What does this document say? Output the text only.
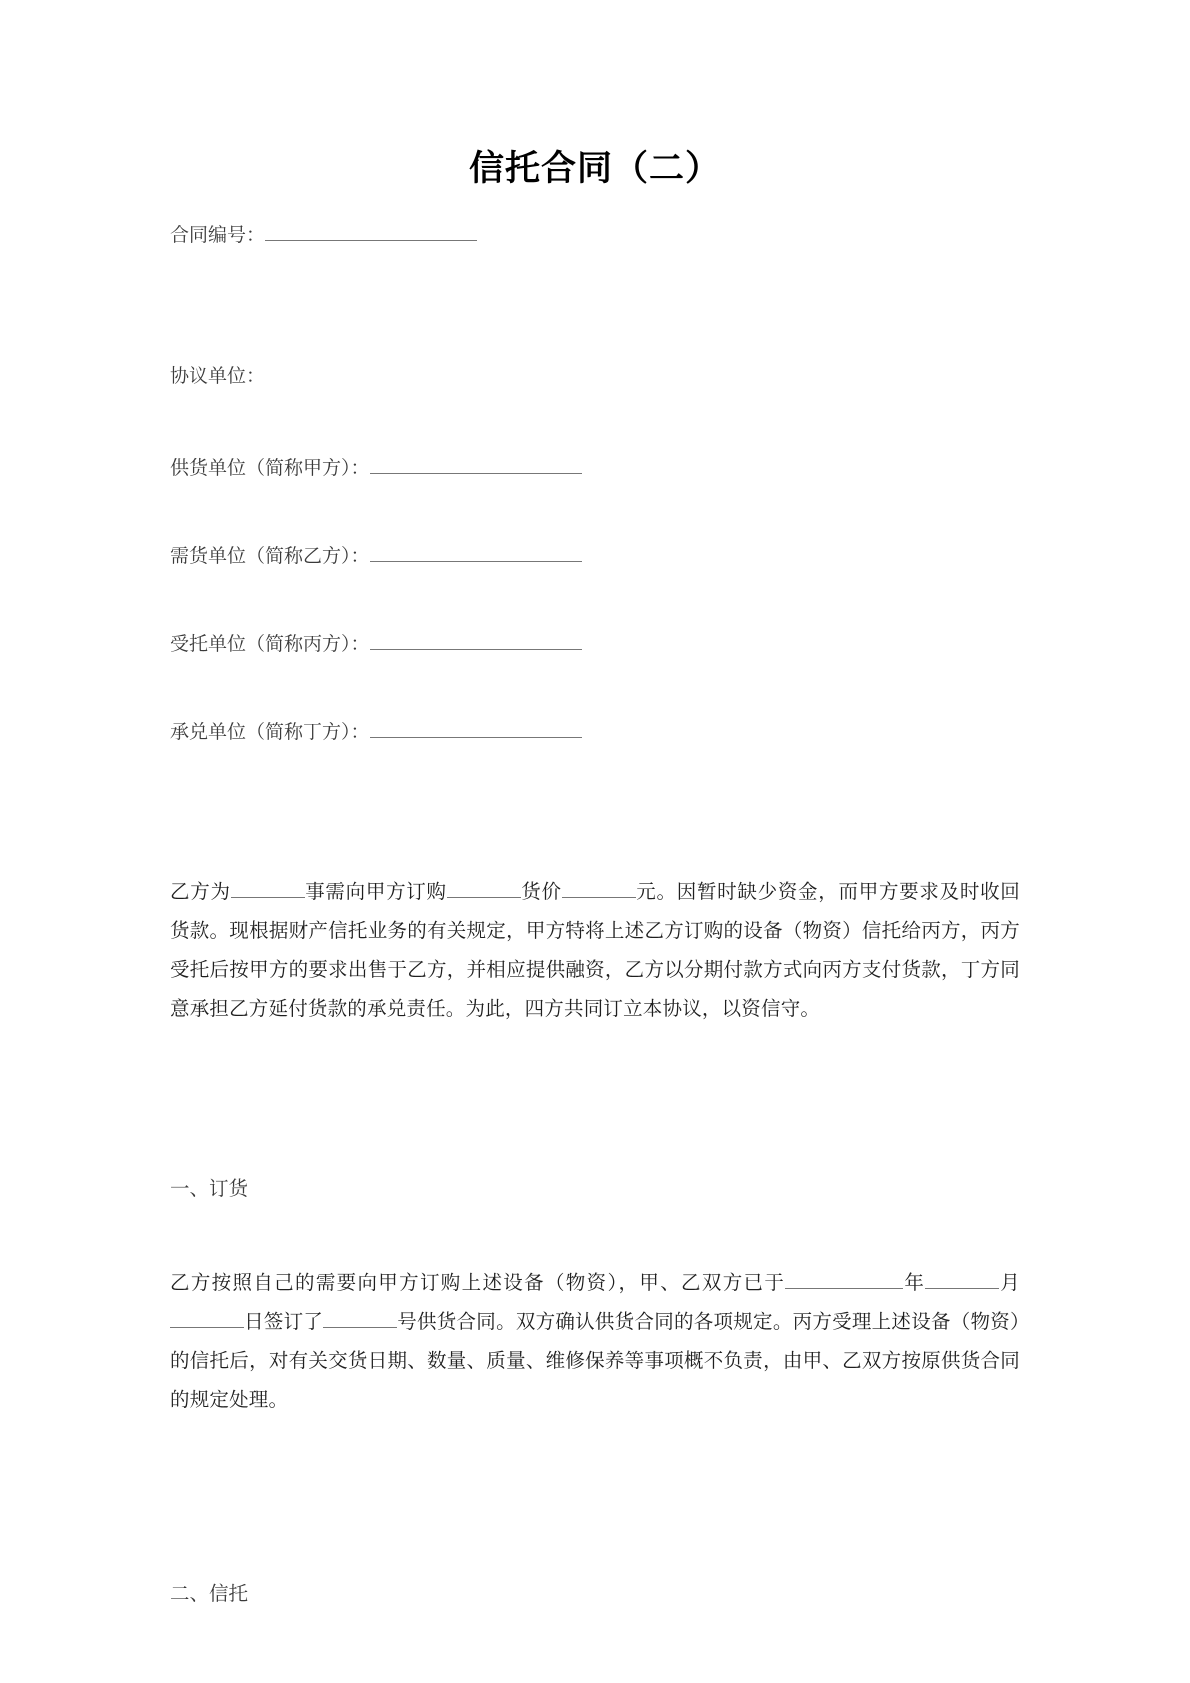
信托合同（二）

合同编号：

协议单位：

供货单位（简称甲方）：

需货单位（简称乙方）：

受托单位（简称丙方）：

承兑单位（简称丁方）：

乙方为	事需向甲方订购	货价	元。因暂时缺少资金，而甲方要求及时收回货款。现根据财产信托业务的有关规定，甲方特将上述乙方订购的设备（物资）信托给丙方，丙方受托后按甲方的要求出售于乙方，并相应提供融资，乙方以分期付款方式向丙方支付货款，丁方同意承担乙方延付货款的承兑责任。为此，四方共同订立本协议，以资信守。

一、订货

乙方按照自己的需要向甲方订购上述设备（物资），甲、乙双方已于	年	月日签订了	号供货合同。双方确认供货合同的各项规定。丙方受理上述设备（物资）的信托后，对有关交货日期、数量、质量、维修保养等事项概不负责，由甲、乙双方按原供货合同的规定处理。

二、信托
